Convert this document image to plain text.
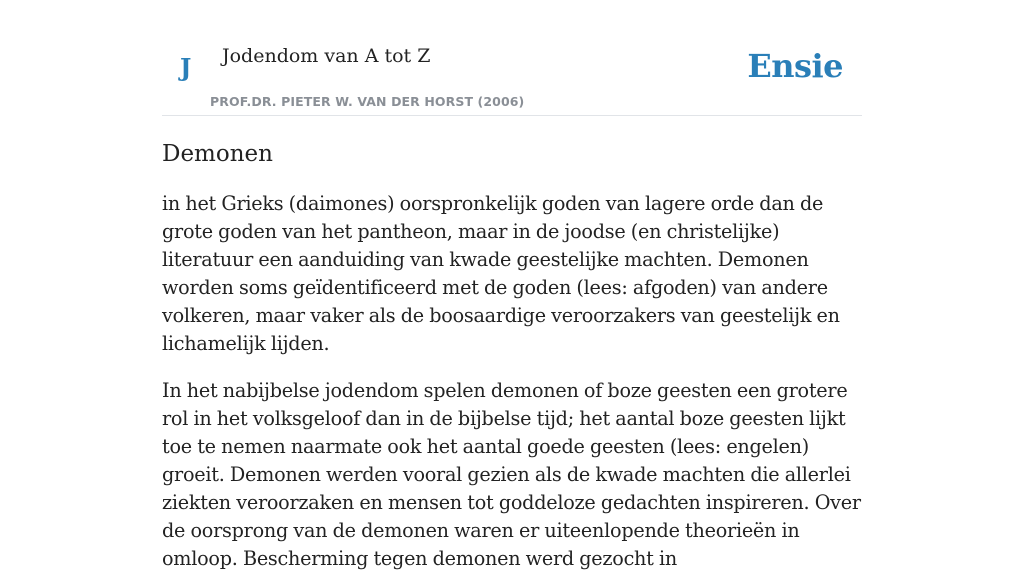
J Jodendom van A tot Z
PROF.DR. PIETER W. VAN DER HORST (2006)
Ensie
Demonen

in het Grieks (daimones) oorspronkelijk goden van lagere orde dan de grote goden van het pantheon, maar in de joodse (en christelijke) literatuur een aanduiding van kwade geestelijke machten. Demonen worden soms geïdentificeerd met de goden (lees: afgoden) van andere volkeren, maar vaker als de boosaardige veroorzakers van geestelijk en lichamelijk lijden.

In het nabijbelse jodendom spelen demonen of boze geesten een grotere rol in het volksgeloof dan in de bijbelse tijd; het aantal boze geesten lijkt toe te nemen naarmate ook het aantal goede geesten (lees: engelen) groeit. Demonen werden vooral gezien als de kwade machten die allerlei ziekten veroorzaken en mensen tot goddeloze gedachten inspireren. Over de oorsprong van de demonen waren er uiteenlopende theorieën in omloop. Bescherming tegen demonen werd gezocht in
